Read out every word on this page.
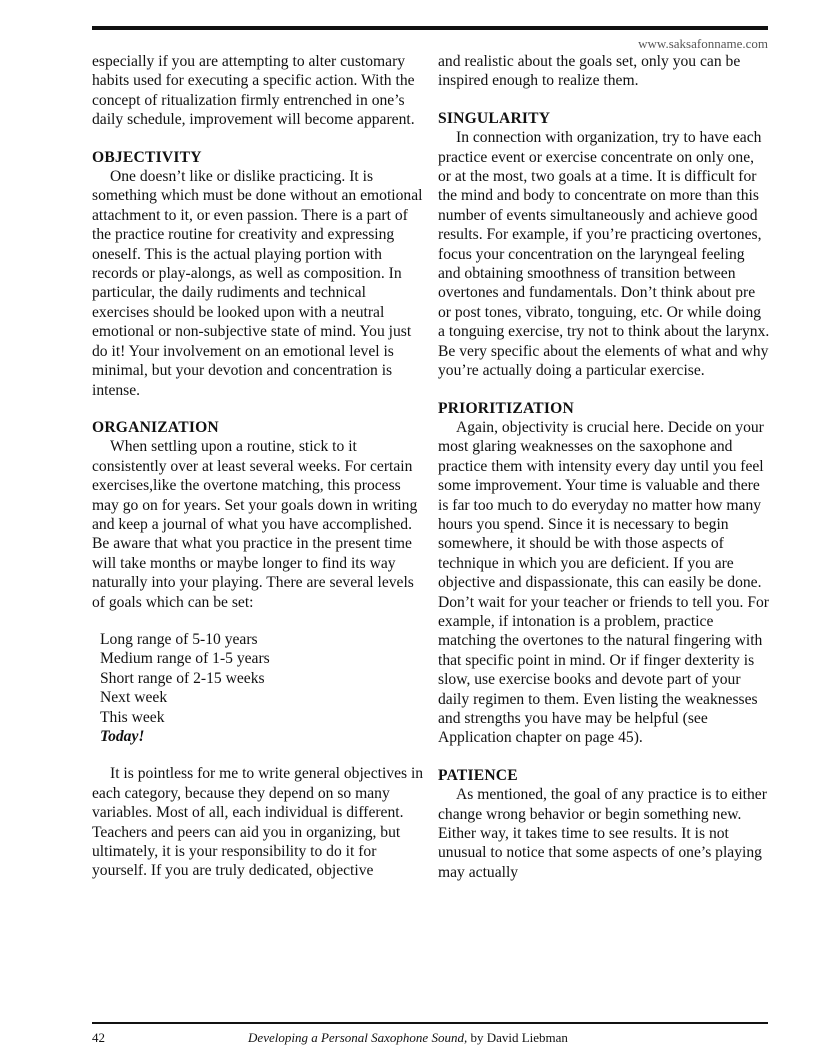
www.saksafonname.com

especially if you are attempting to alter customary habits used for executing a specific action. With the concept of ritualization firmly entrenched in one’s daily schedule, improvement will become apparent.

OBJECTIVITY

One doesn’t like or dislike practicing. It is something which must be done without an emotional attachment to it, or even passion. There is a part of the practice routine for creativity and expressing oneself. This is the actual playing portion with records or play-alongs, as well as composition. In particular, the daily rudiments and technical exercises should be looked upon with a neutral emotional or non-subjective state of mind. You just do it! Your involvement on an emotional level is minimal, but your devotion and concentration is intense.

ORGANIZATION

When settling upon a routine, stick to it consistently over at least several weeks. For certain exercises,like the overtone matching, this process may go on for years. Set your goals down in writing and keep a journal of what you have accomplished. Be aware that what you practice in the present time will take months or maybe longer to find its way naturally into your playing. There are several levels of goals which can be set:

Long range of 5-10 years
Medium range of 1-5 years
Short range of 2-15 weeks
Next week
This week
Today!

It is pointless for me to write general objectives in each category, because they depend on so many variables. Most of all, each individual is different. Teachers and peers can aid you in organizing, but ultimately, it is your responsibility to do it for yourself. If you are truly dedicated, objective

and realistic about the goals set, only you can be inspired enough to realize them.

SINGULARITY

In connection with organization, try to have each practice event or exercise concentrate on only one, or at the most, two goals at a time. It is difficult for the mind and body to concentrate on more than this number of events simultaneously and achieve good results. For example, if you’re practicing overtones, focus your concentration on the laryngeal feeling and obtaining smoothness of transition between overtones and fundamentals. Don’t think about pre or post tones, vibrato, tonguing, etc. Or while doing a tonguing exercise, try not to think about the larynx. Be very specific about the elements of what and why you’re actually doing a particular exercise.

PRIORITIZATION

Again, objectivity is crucial here. Decide on your most glaring weaknesses on the saxophone and practice them with intensity every day until you feel some improvement. Your time is valuable and there is far too much to do everyday no matter how many hours you spend. Since it is necessary to begin somewhere, it should be with those aspects of technique in which you are deficient. If you are objective and dispassionate, this can easily be done. Don’t wait for your teacher or friends to tell you. For example, if intonation is a problem, practice matching the overtones to the natural fingering with that specific point in mind. Or if finger dexterity is slow, use exercise books and devote part of your daily regimen to them. Even listing the weaknesses and strengths you have may be helpful (see Application chapter on page 45).

PATIENCE

As mentioned, the goal of any practice is to either change wrong behavior or begin something new. Either way, it takes time to see results. It is not unusual to notice that some aspects of one’s playing may actually

42	Developing a Personal Saxophone Sound, by David Liebman
